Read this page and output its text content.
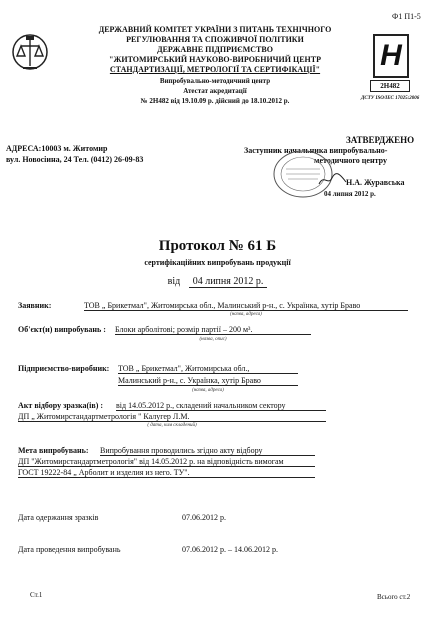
Ф1 П1-5
ДЕРЖАВНИЙ КОМІТЕТ УКРАЇНИ З ПИТАНЬ ТЕХНІЧНОГО
РЕГУЛЮВАННЯ ТА СПОЖИВЧОЇ ПОЛІТИКИ
ДЕРЖАВНЕ ПІДПРИЄМСТВО
"ЖИТОМИРСЬКИЙ НАУКОВО-ВИРОБНИЧИЙ ЦЕНТР
СТАНДАРТИЗАЦІЇ, МЕТРОЛОГІЇ ТА СЕРТИФІКАЦІЇ"
Випробувально-методичний центр
Атестат акредитації
№ 2Н482 від 19.10.09 р. дійсний до 18.10.2012 р.
Н
2Н482
ДСТУ ISO/IEC 17025:2006
АДРЕСА:10003 м. Житомир
вул. Новосiина, 24 Тел. (0412) 26-09-83
ЗАТВЕРДЖЕНО
Заступник начальника випробувально-
методичного центру
Н.А. Журавська
04 липня 2012 р.
Протокол № 61 Б
сертифікаційних випробувань продукції
від 04 липня 2012 р.
Заявник:	ТОВ „ Брикетмал", Житомирська обл., Малинський р-н., с. Українка, хутір Браво
(назва, адреса)
Об'єкт(и) випробувань : Блоки арболітові; розмір партії – 200 м³.
(назва, опис)
Підприємство-виробник: ТОВ „ Брикетмал", Житомирська обл.,
Малинський р-н., с. Українка, хутір Браво
(назва, адреса)
Акт відбору зразка(ів) : від 14.05.2012 р., складений начальником сектору
ДП „ Житомирстандартметрологія " Калугер Л.М.
( дата, ким складений)
Мета випробувань: Випробування проводились згідно акту відбору
ДП "Житомирстандартметрологія" від 14.05.2012 р. на відповідність вимогам
ГОСТ 19222-84 „ Арболит и изделия из него. ТУ".
Дата одержання зразків	07.06.2012 р.
Дата проведення випробувань	07.06.2012 р. – 14.06.2012 р.
Ст.1	Всього ст.2
